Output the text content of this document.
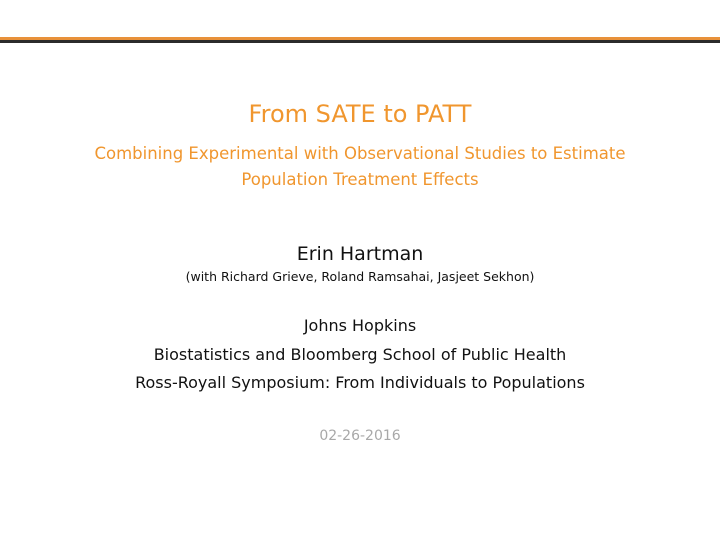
From SATE to PATT
Combining Experimental with Observational Studies to Estimate
Population Treatment Effects
Erin Hartman
(with Richard Grieve, Roland Ramsahai, Jasjeet Sekhon)
Johns Hopkins
Biostatistics and Bloomberg School of Public Health
Ross-Royall Symposium: From Individuals to Populations
02-26-2016
